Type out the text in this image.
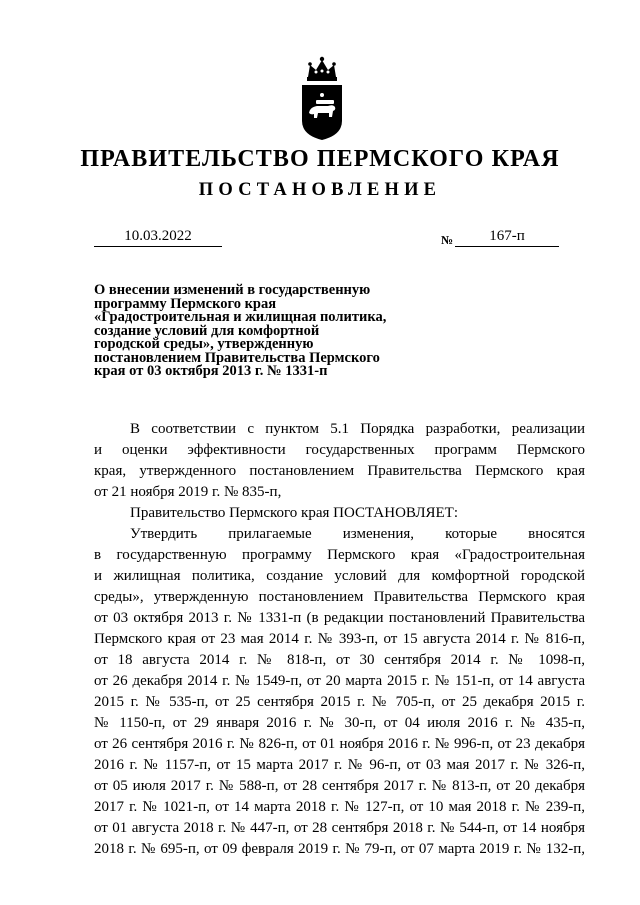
ПРАВИТЕЛЬСТВО ПЕРМСКОГО КРАЯ
ПОСТАНОВЛЕНИЕ
10.03.2022	№	167-п
О внесении изменений в государственную
программу Пермского края
«Градостроительная и жилищная политика,
создание условий для комфортной
городской среды», утвержденную
постановлением Правительства Пермского
края от 03 октября 2013 г. № 1331-п
В соответствии с пунктом 5.1 Порядка разработки, реализации
и оценки эффективности государственных программ Пермского
края, утвержденного постановлением Правительства Пермского края
от 21 ноября 2019 г. № 835-п,
Правительство Пермского края ПОСТАНОВЛЯЕТ:
Утвердить прилагаемые изменения, которые вносятся
в государственную программу Пермского края «Градостроительная
и жилищная политика, создание условий для комфортной городской
среды», утвержденную постановлением Правительства Пермского края
от 03 октября 2013 г. № 1331-п (в редакции постановлений Правительства
Пермского края от 23 мая 2014 г. № 393-п, от 15 августа 2014 г. № 816-п,
от 18 августа 2014 г. № 818-п, от 30 сентября 2014 г. № 1098-п,
от 26 декабря 2014 г. № 1549-п, от 20 марта 2015 г. № 151-п, от 14 августа
2015 г. № 535-п, от 25 сентября 2015 г. № 705-п, от 25 декабря 2015 г.
№ 1150-п, от 29 января 2016 г. № 30-п, от 04 июля 2016 г. № 435-п,
от 26 сентября 2016 г. № 826-п, от 01 ноября 2016 г. № 996-п, от 23 декабря
2016 г. № 1157-п, от 15 марта 2017 г. № 96-п, от 03 мая 2017 г. № 326-п,
от 05 июля 2017 г. № 588-п, от 28 сентября 2017 г. № 813-п, от 20 декабря
2017 г. № 1021-п, от 14 марта 2018 г. № 127-п, от 10 мая 2018 г. № 239-п,
от 01 августа 2018 г. № 447-п, от 28 сентября 2018 г. № 544-п, от 14 ноября
2018 г. № 695-п, от 09 февраля 2019 г. № 79-п, от 07 марта 2019 г. № 132-п,
